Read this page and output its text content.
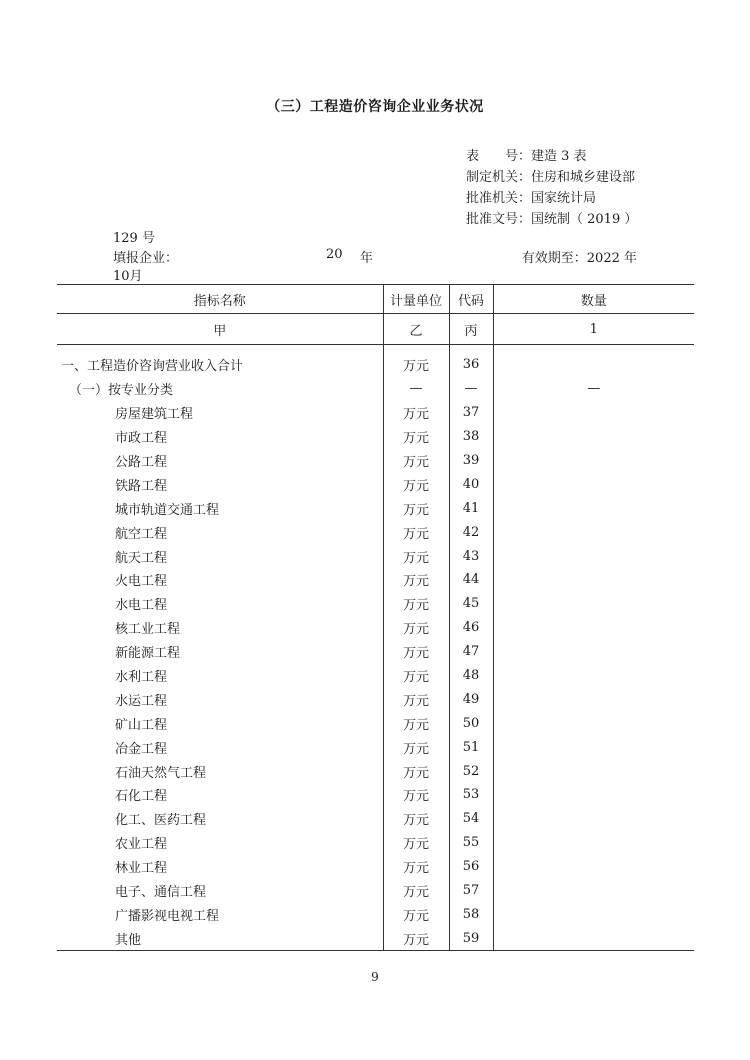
（三）工程造价咨询企业业务状况
表　　号：建造 3 表
制定机关：住房和城乡建设部
批准机关：国家统计局
批准文号：国统制（ 2019 ）
129 号
填报企业：	20 年	有效期至：2022 年
10月
指标名称	计量单位	代码	数量
甲	乙	丙	1
一、工程造价咨询营业收入合计	万元	36	
（一）按专业分类	—	—	—
房屋建筑工程	万元	37	
市政工程	万元	38	
公路工程	万元	39	
铁路工程	万元	40	
城市轨道交通工程	万元	41	
航空工程	万元	42	
航天工程	万元	43	
火电工程	万元	44	
水电工程	万元	45	
核工业工程	万元	46	
新能源工程	万元	47	
水利工程	万元	48	
水运工程	万元	49	
矿山工程	万元	50	
冶金工程	万元	51	
石油天然气工程	万元	52	
石化工程	万元	53	
化工、医药工程	万元	54	
农业工程	万元	55	
林业工程	万元	56	
电子、通信工程	万元	57	
广播影视电视工程	万元	58	
其他	万元	59	
9
